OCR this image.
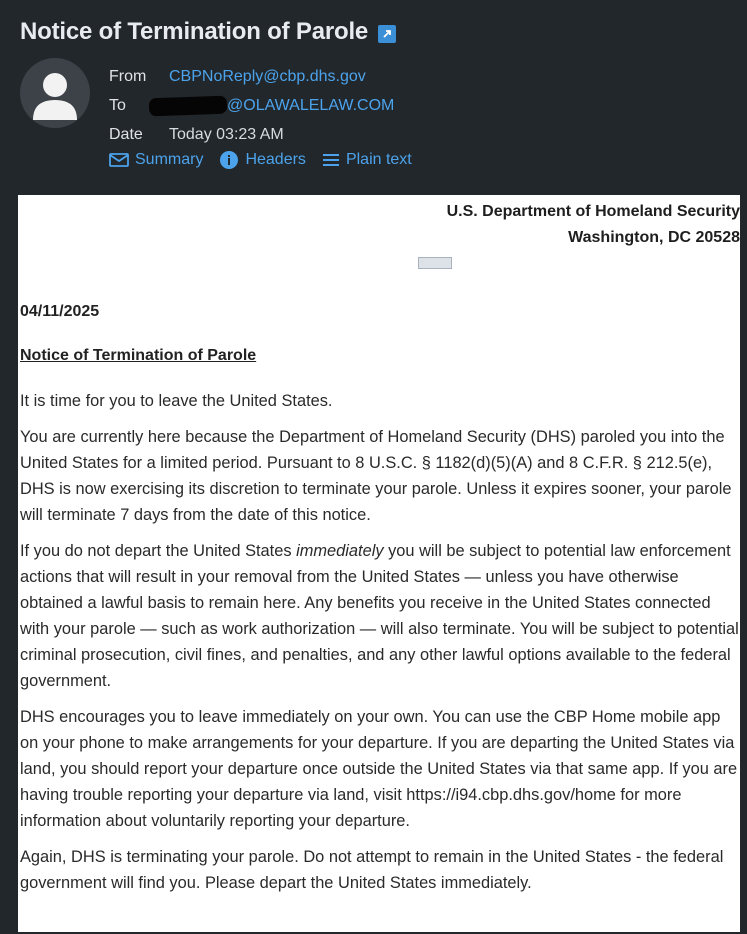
Notice of Termination of Parole
From	CBPNoReply@cbp.dhs.gov
To	@OLAWALELAW.COM
Date	Today 03:23 AM
Summary	Headers	Plain text
U.S. Department of Homeland Security
Washington, DC 20528
04/11/2025
Notice of Termination of Parole

It is time for you to leave the United States.

You are currently here because the Department of Homeland Security (DHS) paroled you into the United States for a limited period. Pursuant to 8 U.S.C. § 1182(d)(5)(A) and 8 C.F.R. § 212.5(e), DHS is now exercising its discretion to terminate your parole. Unless it expires sooner, your parole will terminate 7 days from the date of this notice.

If you do not depart the United States immediately you will be subject to potential law enforcement actions that will result in your removal from the United States — unless you have otherwise obtained a lawful basis to remain here. Any benefits you receive in the United States connected with your parole — such as work authorization — will also terminate. You will be subject to potential criminal prosecution, civil fines, and penalties, and any other lawful options available to the federal government.

DHS encourages you to leave immediately on your own. You can use the CBP Home mobile app on your phone to make arrangements for your departure. If you are departing the United States via land, you should report your departure once outside the United States via that same app. If you are having trouble reporting your departure via land, visit https://i94.cbp.dhs.gov/home for more information about voluntarily reporting your departure.

Again, DHS is terminating your parole. Do not attempt to remain in the United States - the federal government will find you. Please depart the United States immediately.
